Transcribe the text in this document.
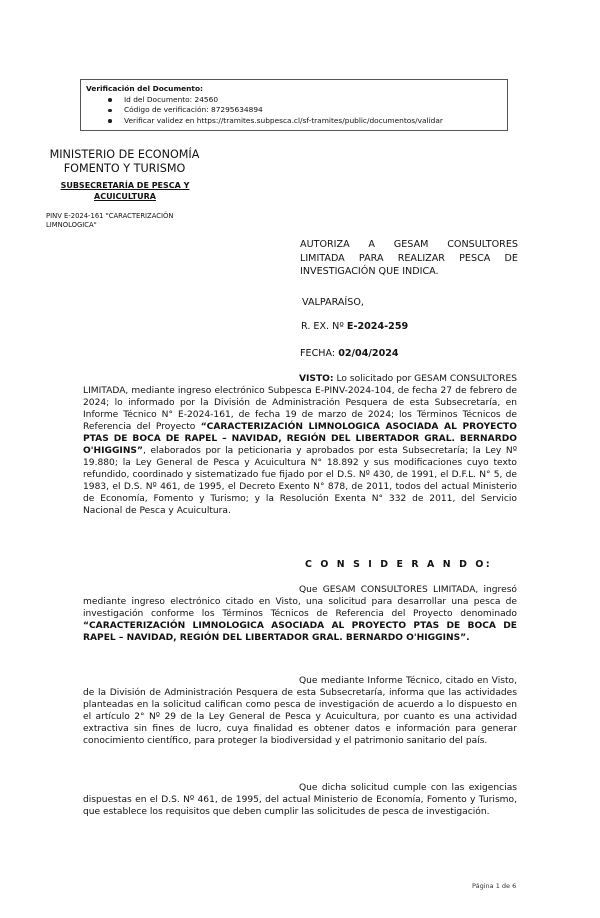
Verificación del Documento:
Id del Documento: 24560
Código de verificación: 87295634894
Verificar validez en https://tramites.subpesca.cl/sf-tramites/public/documentos/validar
MINISTERIO DE ECONOMÍA
FOMENTO Y TURISMO
SUBSECRETARÍA DE PESCA Y
ACUICULTURA
PINV E-2024-161 "CARACTERIZACIÓN
LIMNOLOGICA"
AUTORIZA A GESAM CONSULTORES
LIMITADA PARA REALIZAR PESCA DE
INVESTIGACIÓN QUE INDICA.
VALPARAÍSO,
R. EX. Nº E-2024-259
FECHA: 02/04/2024
VISTO: Lo solicitado por GESAM CONSULTORES LIMITADA, mediante ingreso electrónico Subpesca E-PINV-2024-104, de fecha 27 de febrero de 2024; lo informado por la División de Administración Pesquera de esta Subsecretaría, en Informe Técnico N° E-2024-161, de fecha 19 de marzo de 2024; los Términos Técnicos de Referencia del Proyecto “CARACTERIZACIÓN LIMNOLOGICA ASOCIADA AL PROYECTO PTAS DE BOCA DE RAPEL – NAVIDAD, REGIÓN DEL LIBERTADOR GRAL. BERNARDO O'HIGGINS”, elaborados por la peticionaria y aprobados por esta Subsecretaría; la Ley Nº 19.880; la Ley General de Pesca y Acuicultura N° 18.892 y sus modificaciones cuyo texto refundido, coordinado y sistematizado fue fijado por el D.S. Nº 430, de 1991, el D.F.L. N° 5, de 1983, el D.S. Nº 461, de 1995, el Decreto Exento N° 878, de 2011, todos del actual Ministerio de Economía, Fomento y Turismo; y la Resolución Exenta N° 332 de 2011, del Servicio Nacional de Pesca y Acuicultura.
C O N S I D E R A N D O:
Que GESAM CONSULTORES LIMITADA, ingresó mediante ingreso electrónico citado en Visto, una solicitud para desarrollar una pesca de investigación conforme los Términos Técnicos de Referencia del Proyecto denominado “CARACTERIZACIÓN LIMNOLOGICA ASOCIADA AL PROYECTO PTAS DE BOCA DE RAPEL – NAVIDAD, REGIÓN DEL LIBERTADOR GRAL. BERNARDO O'HIGGINS”.
Que mediante Informe Técnico, citado en Visto, de la División de Administración Pesquera de esta Subsecretaría, informa que las actividades planteadas en la solicitud califican como pesca de investigación de acuerdo a lo dispuesto en el artículo 2° Nº 29 de la Ley General de Pesca y Acuicultura, por cuanto es una actividad extractiva sin fines de lucro, cuya finalidad es obtener datos e información para generar conocimiento científico, para proteger la biodiversidad y el patrimonio sanitario del país.
Que dicha solicitud cumple con las exigencias dispuestas en el D.S. Nº 461, de 1995, del actual Ministerio de Economía, Fomento y Turismo, que establece los requisitos que deben cumplir las solicitudes de pesca de investigación.
Página 1 de 6
